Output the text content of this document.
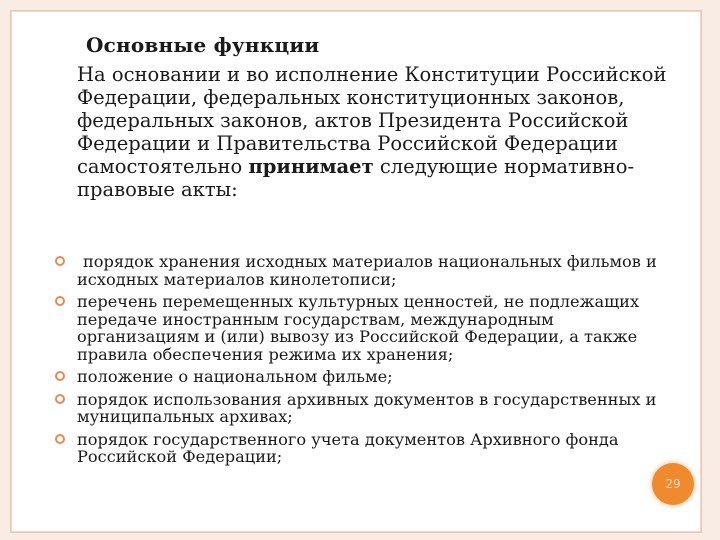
Основные функции
На основании и во исполнение Конституции Российской Федерации, федеральных конституционных законов, федеральных законов, актов Президента Российской Федерации и Правительства Российской Федерации самостоятельно принимает следующие нормативно-правовые акты:
порядок хранения исходных материалов национальных фильмов и исходных материалов кинолетописи;
перечень перемещенных культурных ценностей, не подлежащих передаче иностранным государствам, международным организациям и (или) вывозу из Российской Федерации, а также правила обеспечения режима их хранения;
положение о национальном фильме;
порядок использования архивных документов в государственных и муниципальных архивах;
порядок государственного учета документов Архивного фонда Российской Федерации;
29
